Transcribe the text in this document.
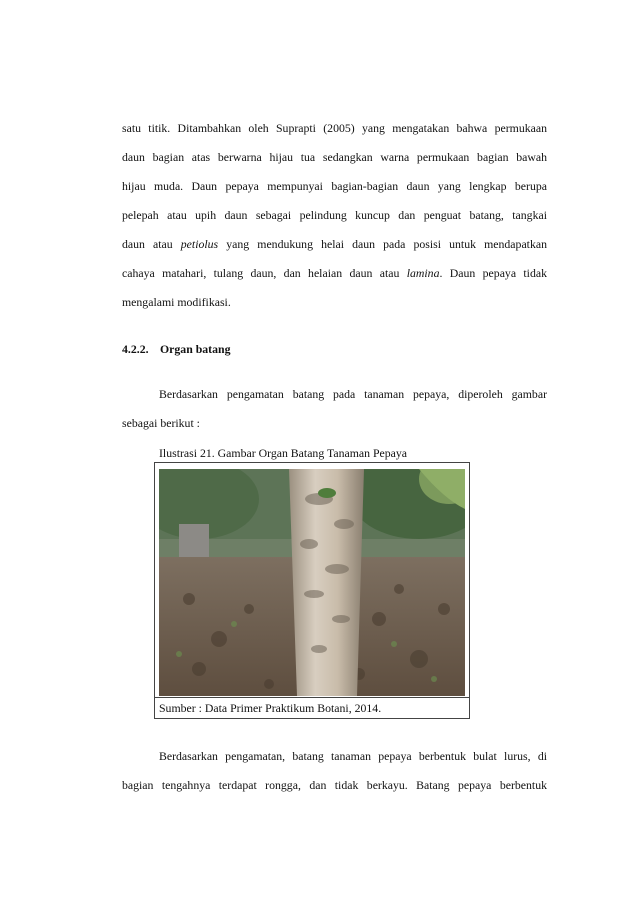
satu titik. Ditambahkan oleh Suprapti (2005) yang mengatakan bahwa permukaan
daun bagian atas berwarna hijau tua sedangkan warna permukaan bagian bawah
hijau muda. Daun pepaya mempunyai bagian-bagian daun yang lengkap berupa
pelepah atau upih daun sebagai pelindung kuncup dan penguat batang, tangkai
daun atau petiolus yang mendukung helai daun pada posisi untuk mendapatkan
cahaya matahari, tulang daun, dan helaian daun atau lamina. Daun pepaya tidak
mengalami modifikasi.
4.2.2. Organ batang
Berdasarkan pengamatan batang pada tanaman pepaya, diperoleh gambar
sebagai berikut :
Ilustrasi 21. Gambar Organ Batang Tanaman Pepaya
Sumber : Data Primer Praktikum Botani, 2014.
Berdasarkan pengamatan, batang tanaman pepaya berbentuk bulat lurus, di
bagian tengahnya terdapat rongga, dan tidak berkayu. Batang pepaya berbentuk
